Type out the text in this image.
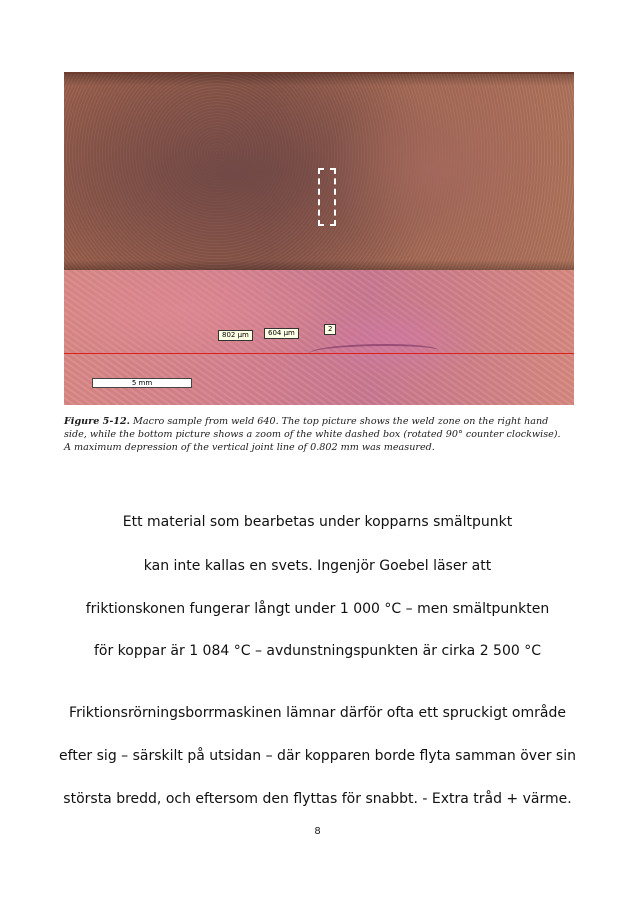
802 µm	604 µm	2
5 mm
Figure 5-12. Macro sample from weld 640. The top picture shows the weld zone on the right hand
side, while the bottom picture shows a zoom of the white dashed box (rotated 90° counter clockwise).
A maximum depression of the vertical joint line of 0.802 mm was measured.
Ett material som bearbetas under kopparns smältpunkt
kan inte kallas en svets. Ingenjör Goebel läser att
friktionskonen fungerar långt under 1 000 °C – men smältpunkten
för koppar är 1 084 °C – avdunstningspunkten är cirka 2 500 °C
Friktionsrörningsborrmaskinen lämnar därför ofta ett spruckigt område
efter sig – särskilt på utsidan – där kopparen borde flyta samman över sin
största bredd, och eftersom den flyttas för snabbt. - Extra tråd + värme.
8
